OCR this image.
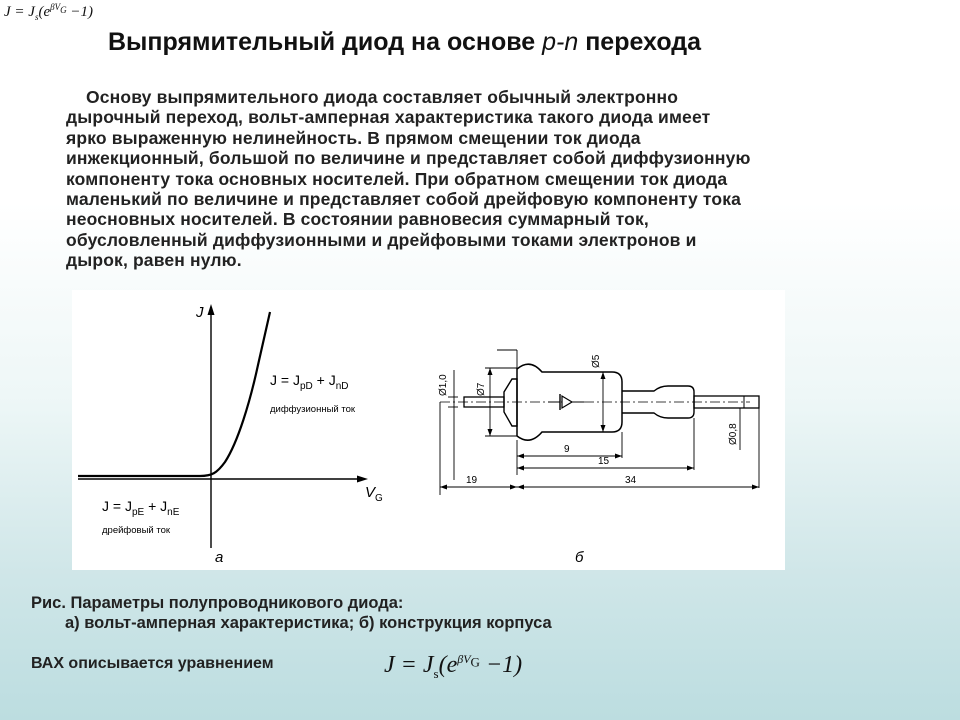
$J = J_s(e^{\beta V_G} -1)$
Выпрямительный диод на основе p-n перехода
Основу выпрямительного диода составляет обычный электронно
дырочный переход, вольт-амперная характеристика такого диода имеет
ярко выраженную нелинейность. В прямом смещении ток диода
инжекционный, большой по величине и представляет собой диффузионную
компоненту тока основных носителей. При обратном смещении ток диода
маленький по величине и представляет собой дрейфовую компоненту тока
неосновных носителей. В состоянии равновесия суммарный ток,
обусловленный диффузионными и дрейфовыми токами электронов и
дырок, равен нулю.
J
$V_G$
$J = J_{pD} + J_{nD}$
диффузионный ток
$J = J_{pE} + J_{nE}$
дрейфовый ток
а
Ø1,0	Ø7
Ø5
Ø0,8
9
15
19	34
б
Рис. Параметры полупроводникового диода:
а) вольт-амперная характеристика; б) конструкция корпуса
ВАХ описывается уравнением	$J = J_s(e^{\beta V_G} -1)$
